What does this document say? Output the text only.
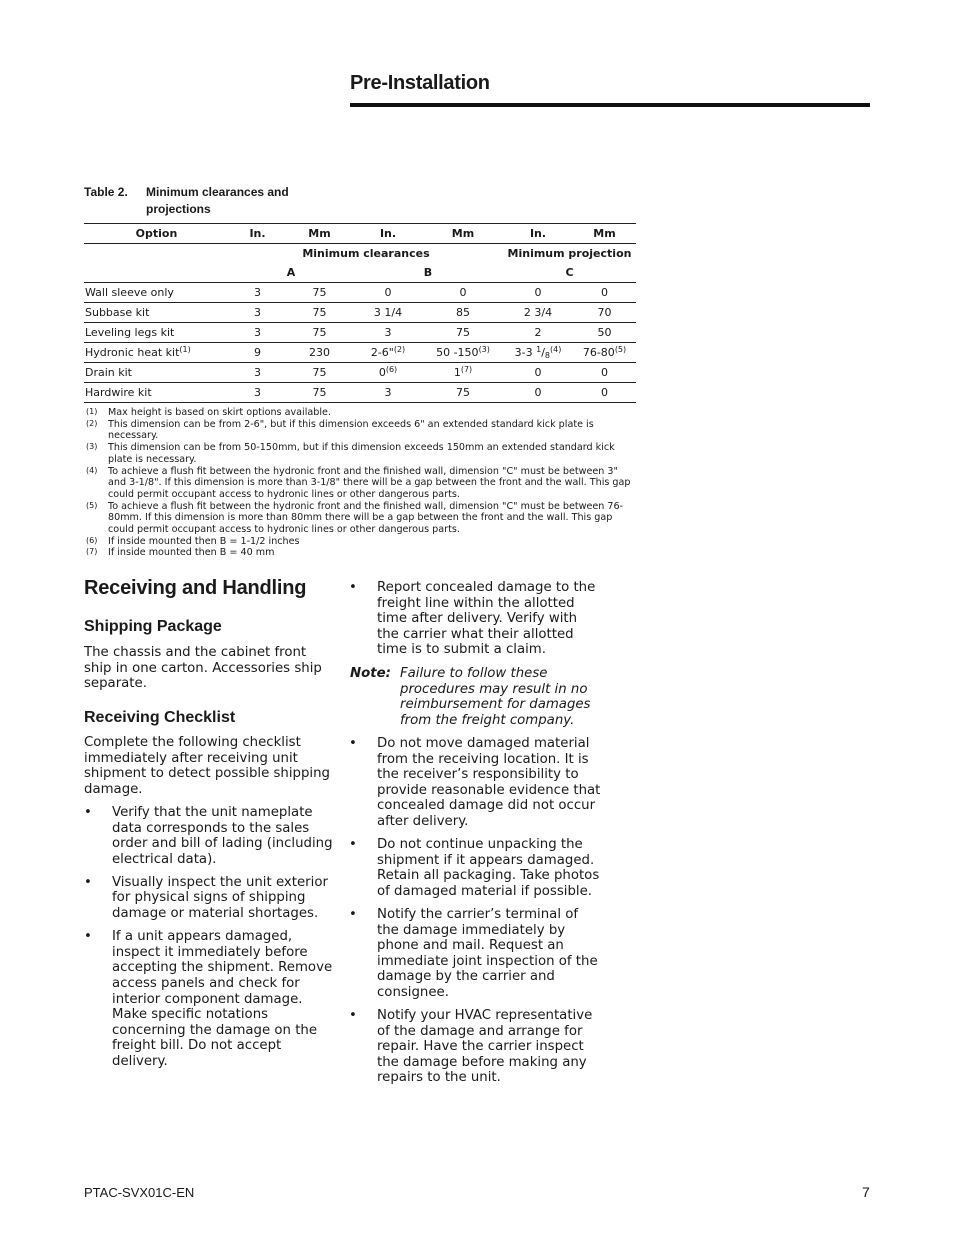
Pre-Installation
Table 2. Minimum clearances and
projections
Option	In.	Mm	In.	Mm	In.	Mm
	Minimum clearances				Minimum projection	
	A		B		C	
Wall sleeve only	3	75	0	0	0	0
Subbase kit	3	75	3 1/4	85	2 3/4	70
Leveling legs kit	3	75	3	75	2	50
Hydronic heat kit$^{(1)}$	9	230	2-6"$^{(2)}$	50 -150$^{(3)}$	3-3 $^1/_8^{(4)}$	76-80$^{(5)}$
Drain kit	3	75	0$^{(6)}$	1$^{(7)}$	0	0
Hardwire kit	3	75	3	75	0	0
(1)	Max height is based on skirt options available.
(2)	This dimension can be from 2-6", but if this dimension exceeds 6" an extended standard kick plate is necessary.
(3)	This dimension can be from 50-150mm, but if this dimension exceeds 150mm an extended standard kick plate is necessary.
(4)	To achieve a flush fit between the hydronic front and the finished wall, dimension "C" must be between 3" and 3-1/8". If this dimension is more than 3-1/8" there will be a gap between the front and the wall. This gap could permit occupant access to hydronic lines or other dangerous parts.
(5)	To achieve a flush fit between the hydronic front and the finished wall, dimension "C" must be between 76-80mm. If this dimension is more than 80mm there will be a gap between the front and the wall. This gap could permit occupant access to hydronic lines or other dangerous parts.
(6)	If inside mounted then B = 1-1/2 inches
(7)	If inside mounted then B = 40 mm
Receiving and Handling
Shipping Package
The chassis and the cabinet front ship in one carton. Accessories ship separate.
Receiving Checklist
Complete the following checklist immediately after receiving unit shipment to detect possible shipping damage.
• Verify that the unit nameplate data corresponds to the sales order and bill of lading (including electrical data).
• Visually inspect the unit exterior for physical signs of shipping damage or material shortages.
• If a unit appears damaged, inspect it immediately before accepting the shipment. Remove access panels and check for interior component damage. Make specific notations concerning the damage on the freight bill. Do not accept delivery.
• Report concealed damage to the freight line within the allotted time after delivery. Verify with the carrier what their allotted time is to submit a claim.
Note: Failure to follow these procedures may result in no reimbursement for damages from the freight company.
• Do not move damaged material from the receiving location. It is the receiver’s responsibility to provide reasonable evidence that concealed damage did not occur after delivery.
• Do not continue unpacking the shipment if it appears damaged. Retain all packaging. Take photos of damaged material if possible.
• Notify the carrier’s terminal of the damage immediately by phone and mail. Request an immediate joint inspection of the damage by the carrier and consignee.
• Notify your HVAC representative of the damage and arrange for repair. Have the carrier inspect the damage before making any repairs to the unit.
PTAC-SVX01C-EN	7
